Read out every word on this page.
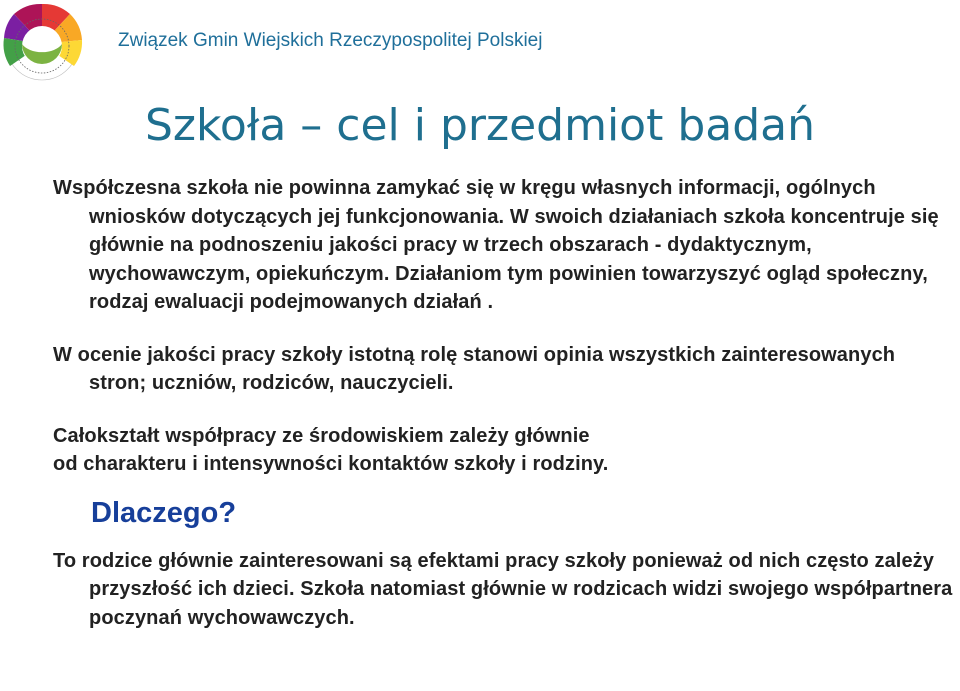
Związek Gmin Wiejskich Rzeczypospolitej Polskiej
Szkoła – cel i przedmiot badań

Współczesna szkoła nie powinna zamykać się w kręgu własnych informacji, ogólnych wniosków dotyczących jej funkcjonowania. W swoich działaniach szkoła koncentruje się głównie na podnoszeniu jakości pracy w trzech obszarach - dydaktycznym, wychowawczym, opiekuńczym. Działaniom tym powinien towarzyszyć ogląd społeczny, rodzaj ewaluacji podejmowanych działań .

W ocenie jakości pracy szkoły istotną rolę stanowi opinia wszystkich zainteresowanych stron; uczniów, rodziców, nauczycieli.

Całokształt współpracy ze środowiskiem zależy głównie
od charakteru i intensywności kontaktów szkoły i rodziny.
Dlaczego?

To rodzice głównie zainteresowani są efektami pracy szkoły ponieważ od nich często zależy przyszłość ich dzieci. Szkoła natomiast głównie w rodzicach widzi swojego współpartnera poczynań wychowawczych.
